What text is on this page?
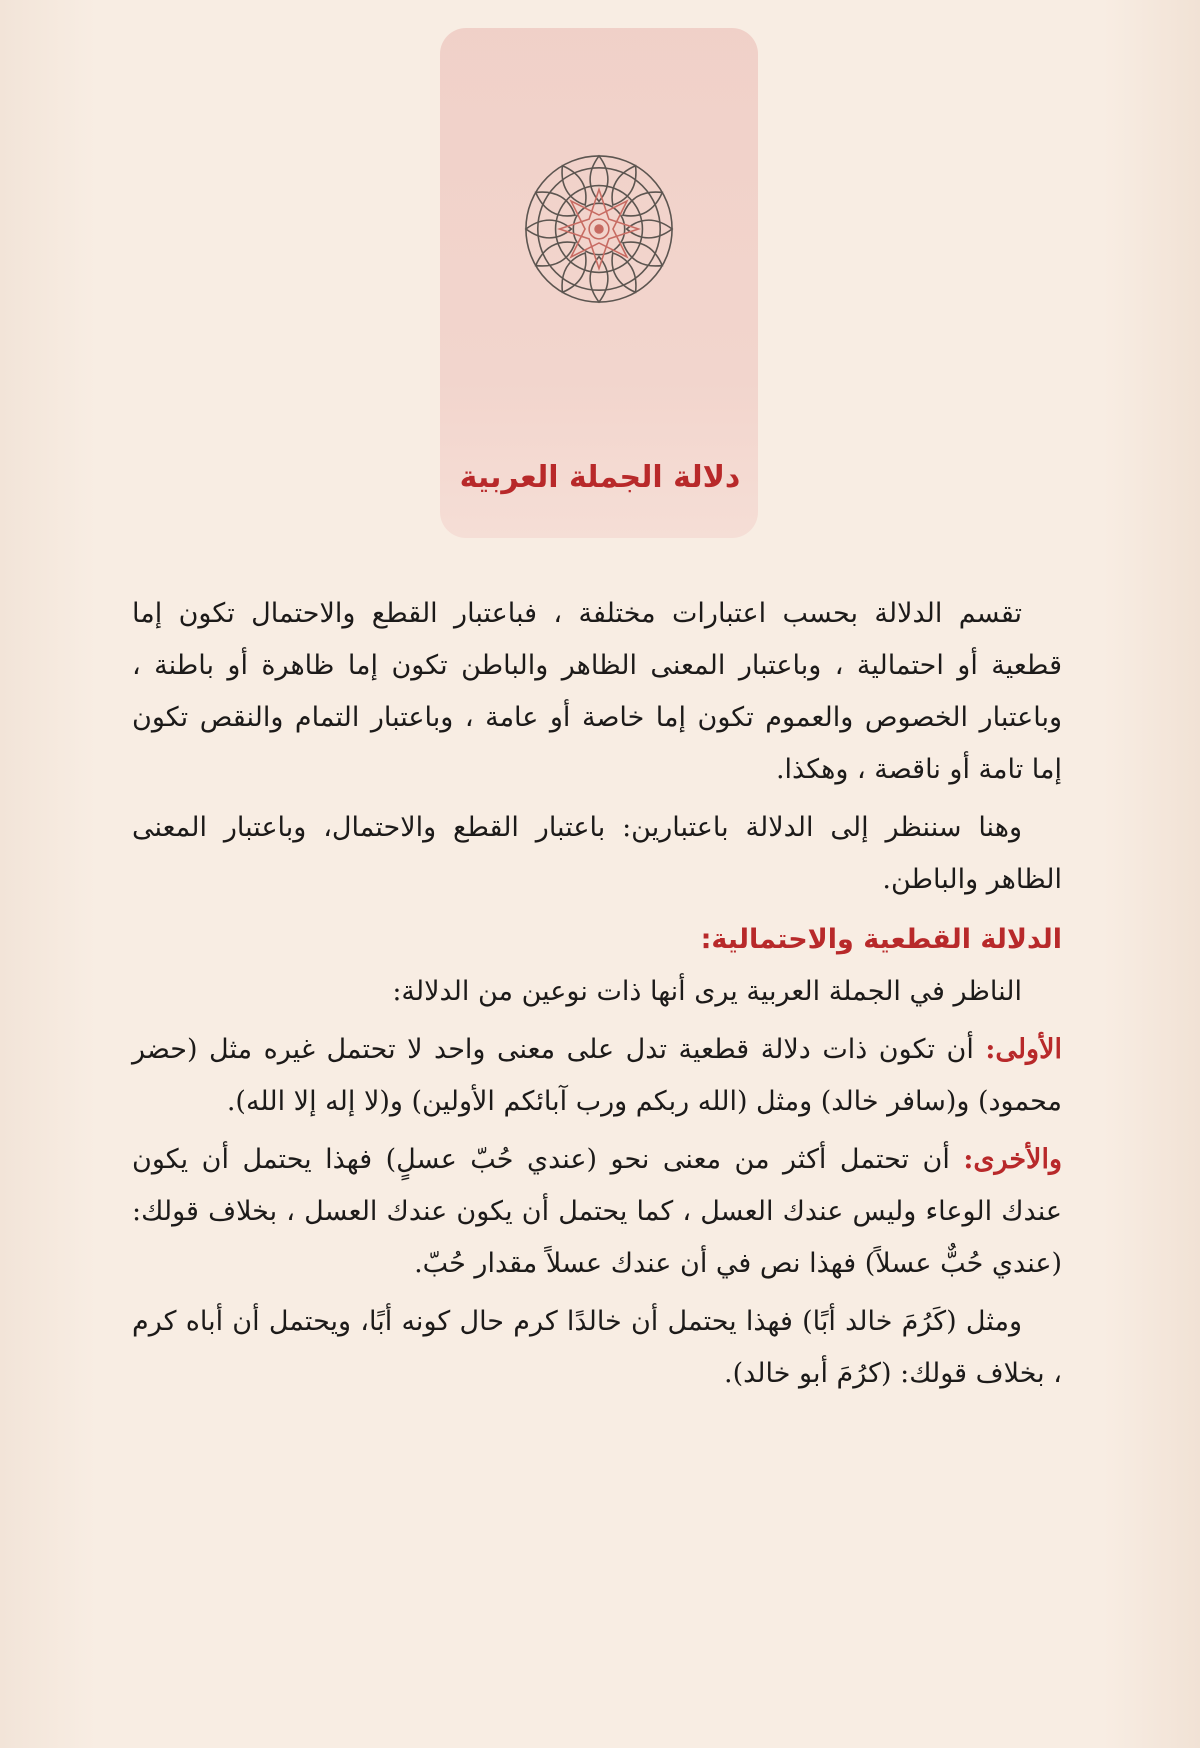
دلالة الجملة العربية

تقسم الدلالة بحسب اعتبارات مختلفة ، فباعتبار القطع والاحتمال تكون إما قطعية أو احتمالية ، وباعتبار المعنى الظاهر والباطن تكون إما ظاهرة أو باطنة ، وباعتبار الخصوص والعموم تكون إما خاصة أو عامة ، وباعتبار التمام والنقص تكون إما تامة أو ناقصة ، وهكذا.

وهنا سننظر إلى الدلالة باعتبارين: باعتبار القطع والاحتمال، وباعتبار المعنى الظاهر والباطن.

الدلالة القطعية والاحتمالية:

الناظر في الجملة العربية يرى أنها ذات نوعين من الدلالة:

الأولى: أن تكون ذات دلالة قطعية تدل على معنى واحد لا تحتمل غيره مثل (حضر محمود) و(سافر خالد) ومثل (الله ربكم ورب آبائكم الأولين) و(لا إله إلا الله).

والأخرى: أن تحتمل أكثر من معنى نحو (عندي حُبّ عسلٍ) فهذا يحتمل أن يكون عندك الوعاء وليس عندك العسل ، كما يحتمل أن يكون عندك العسل ، بخلاف قولك: (عندي حُبٌّ عسلاً) فهذا نص في أن عندك عسلاً مقدار حُبّ.

ومثل (كَرُمَ خالد أبًا) فهذا يحتمل أن خالدًا كرم حال كونه أبًا، ويحتمل أن أباه كرم ، بخلاف قولك: (كرُمَ أبو خالد).
